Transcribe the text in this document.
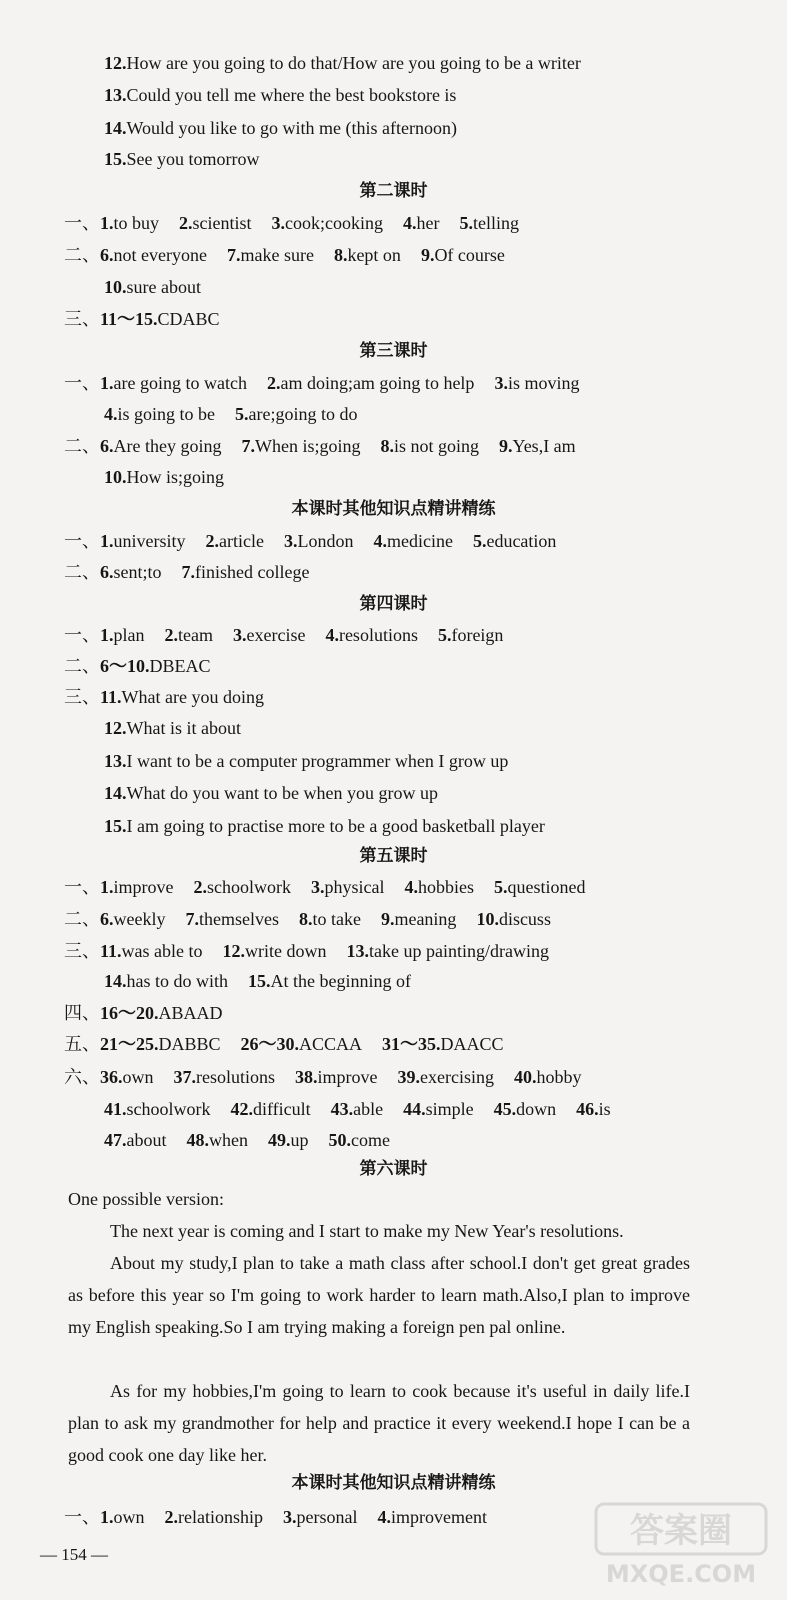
第二课时
第三课时
本课时其他知识点精讲精练
第四课时
第五课时
第六课时
One possible version:
The next year is coming and I start to make my New Year's resolutions.
About my study,I plan to take a math class after school.I don't get great grades as before this year so I'm going to work harder to learn math.Also,I plan to improve my English speaking.So I am trying making a foreign pen pal online.
As for my hobbies,I'm going to learn to cook because it's useful in daily life.I plan to ask my grandmother for help and practice it every weekend.I hope I can be a good cook one day like her.
本课时其他知识点精讲精练
— 154 —
答案圈
MXQE.COM
12.How are you going to do that/How are you going to be a writer
13.Could you tell me where the best bookstore is
14.Would you like to go with me (this afternoon)
15.See you tomorrow
一、1.to buy 2.scientist 3.cook;cooking 4.her 5.telling
二、6.not everyone 7.make sure 8.kept on 9.Of course
10.sure about
三、11～15.CDABC
一、1.are going to watch 2.am doing;am going to help 3.is moving
4.is going to be 5.are;going to do
二、6.Are they going 7.When is;going 8.is not going 9.Yes,I am
10.How is;going
一、1.university 2.article 3.London 4.medicine 5.education
二、6.sent;to 7.finished college
一、1.plan 2.team 3.exercise 4.resolutions 5.foreign
二、6～10.DBEAC
三、11.What are you doing
12.What is it about
13.I want to be a computer programmer when I grow up
14.What do you want to be when you grow up
15.I am going to practise more to be a good basketball player
一、1.improve 2.schoolwork 3.physical 4.hobbies 5.questioned
二、6.weekly 7.themselves 8.to take 9.meaning 10.discuss
三、11.was able to 12.write down 13.take up painting/drawing
14.has to do with 15.At the beginning of
四、16～20.ABAAD
五、21～25.DABBC 26～30.ACCAA 31～35.DAACC
六、36.own 37.resolutions 38.improve 39.exercising 40.hobby
41.schoolwork 42.difficult 43.able 44.simple 45.down 46.is
47.about 48.when 49.up 50.come
一、1.own 2.relationship 3.personal 4.improvement
